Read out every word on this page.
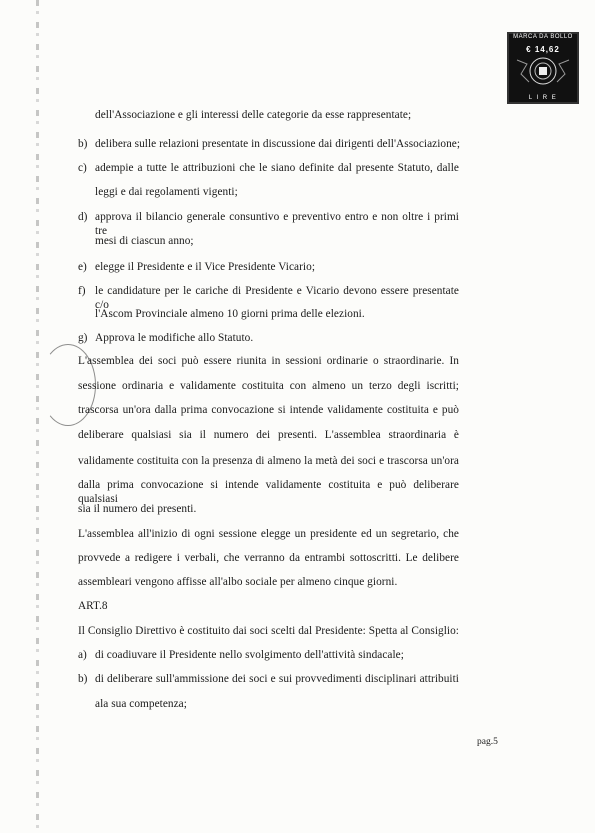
MARCA DA BOLLO
€ 14,62
L I R E
dell'Associazione e gli interessi delle categorie da esse rappresentate;
b) delibera sulle relazioni presentate in discussione dai dirigenti dell'Associazione;
c) adempie a tutte le attribuzioni che le siano definite dal presente Statuto, dalle
leggi e dai regolamenti vigenti;
d) approva il bilancio generale consuntivo e preventivo entro e non oltre i primi tre
mesi di ciascun anno;
e) elegge il Presidente e il Vice Presidente Vicario;
f) le candidature per le cariche di Presidente e Vicario devono essere presentate c/o
l'Ascom Provinciale almeno 10 giorni prima delle elezioni.
g) Approva le modifiche allo Statuto.
L'assemblea dei soci può essere riunita in sessioni ordinarie o straordinarie. In
sessione ordinaria e validamente costituita con almeno un terzo degli iscritti;
trascorsa un'ora dalla prima convocazione si intende validamente costituita e può
deliberare qualsiasi sia il numero dei presenti. L'assemblea straordinaria è
validamente costituita con la presenza di almeno la metà dei soci e trascorsa un'ora
dalla prima convocazione si intende validamente costituita e può deliberare qualsiasi
sia il numero dei presenti.
L'assemblea all'inizio di ogni sessione elegge un presidente ed un segretario, che
provvede a redigere i verbali, che verranno da entrambi sottoscritti. Le delibere
assembleari vengono affisse all'albo sociale per almeno cinque giorni.
ART.8
Il Consiglio Direttivo è costituito dai soci scelti dal Presidente: Spetta al Consiglio:
a) di coadiuvare il Presidente nello svolgimento dell'attività sindacale;
b) di deliberare sull'ammissione dei soci e sui provvedimenti disciplinari attribuiti
ala sua competenza;
pag.5
